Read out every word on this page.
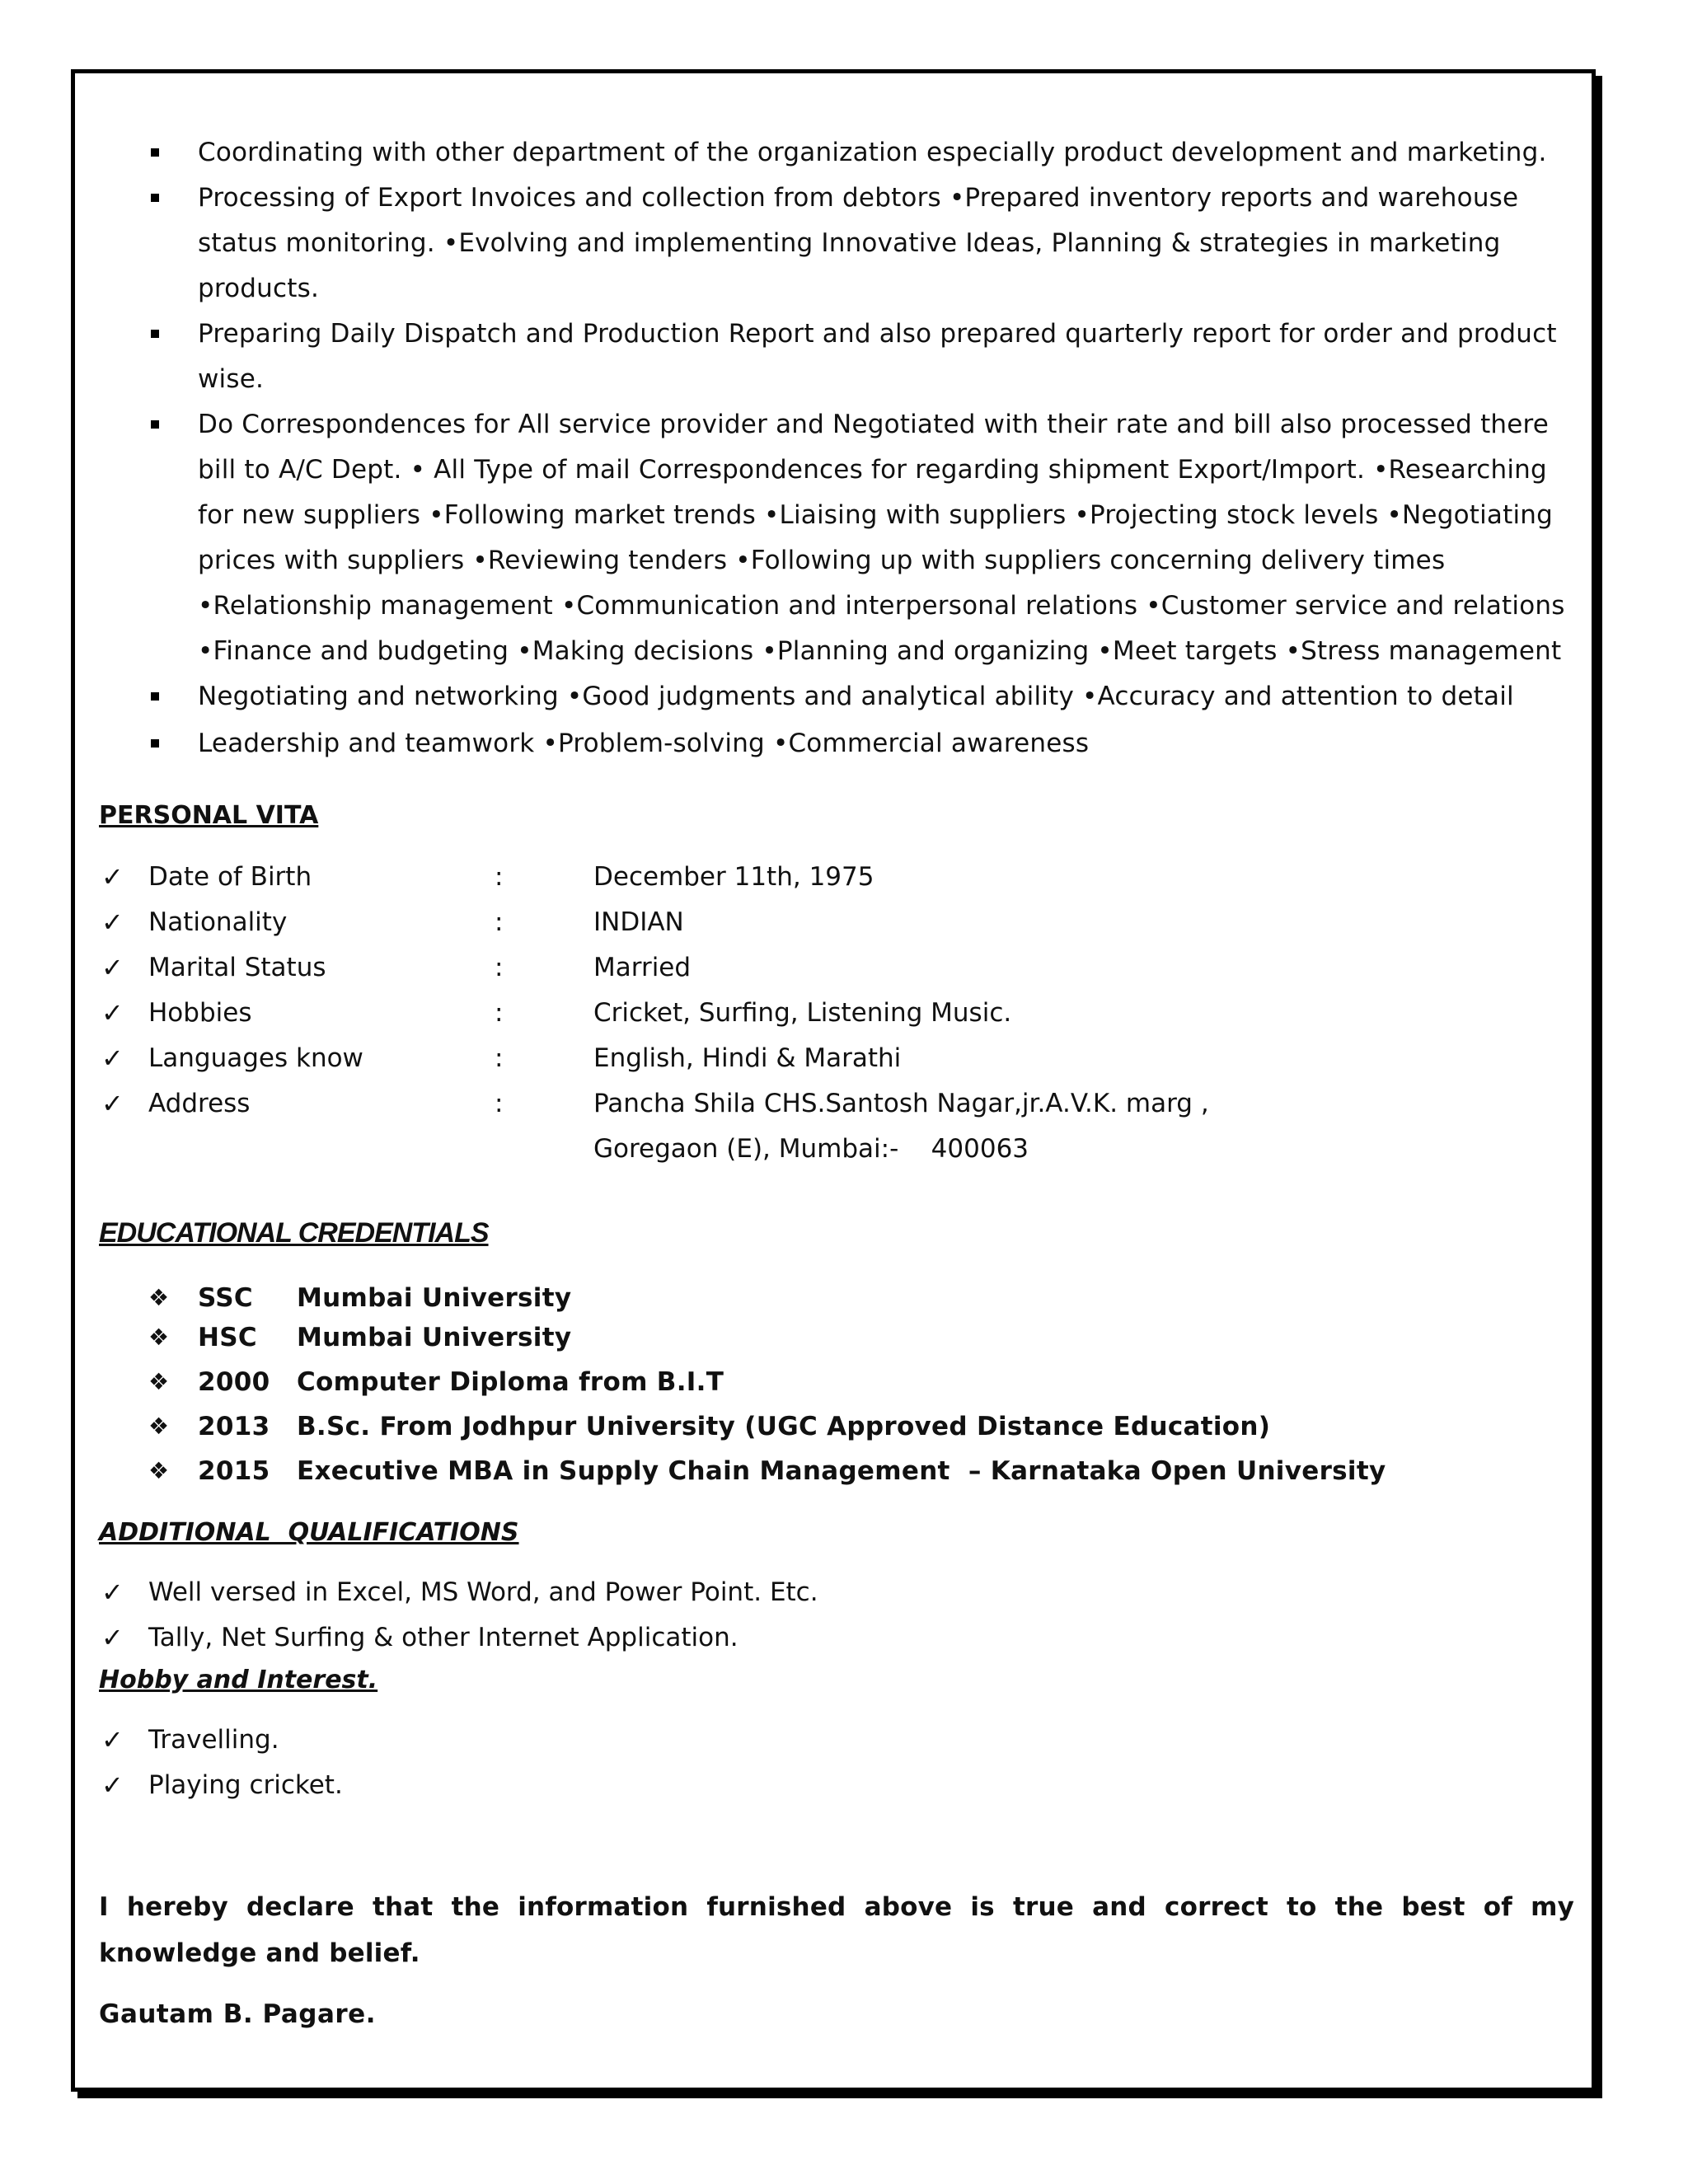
Coordinating with other department of the organization especially product development and marketing.
Processing of Export Invoices and collection from debtors •Prepared inventory reports and warehouse status monitoring. •Evolving and implementing Innovative Ideas, Planning & strategies in marketing products.
Preparing Daily Dispatch and Production Report and also prepared quarterly report for order and product wise.
Do Correspondences for All service provider and Negotiated with their rate and bill also processed there bill to A/C Dept. • All Type of mail Correspondences for regarding shipment Export/Import. •Researching for new suppliers •Following market trends •Liaising with suppliers •Projecting stock levels •Negotiating prices with suppliers •Reviewing tenders •Following up with suppliers concerning delivery times •Relationship management •Communication and interpersonal relations •Customer service and relations •Finance and budgeting •Making decisions •Planning and organizing •Meet targets •Stress management
Negotiating and networking •Good judgments and analytical ability •Accuracy and attention to detail
Leadership and teamwork •Problem-solving •Commercial awareness
PERSONAL VITA
✓ Date of Birth	:	December 11th, 1975
✓ Nationality	:	INDIAN
✓ Marital Status	:	Married
✓ Hobbies	:	Cricket, Surfing, Listening Music.
✓ Languages know	:	English, Hindi & Marathi
✓ Address	:	Pancha Shila CHS.Santosh Nagar,jr.A.V.K. marg ,
Goregaon (E), Mumbai:-    400063
EDUCATIONAL CREDENTIALS
❖ SSC Mumbai University
❖ HSC Mumbai University
❖ 2000 Computer Diploma from B.I.T
❖ 2013 B.Sc. From Jodhpur University (UGC Approved Distance Education)
❖ 2015 Executive MBA in Supply Chain Management  – Karnataka Open University
ADDITIONAL  QUALIFICATIONS
✓ Well versed in Excel, MS Word, and Power Point. Etc.
✓ Tally, Net Surfing & other Internet Application.
Hobby and Interest.
✓ Travelling.
✓ Playing cricket.

I hereby declare that the information furnished above is true and correct to the best of my knowledge and belief.

Gautam B. Pagare.
